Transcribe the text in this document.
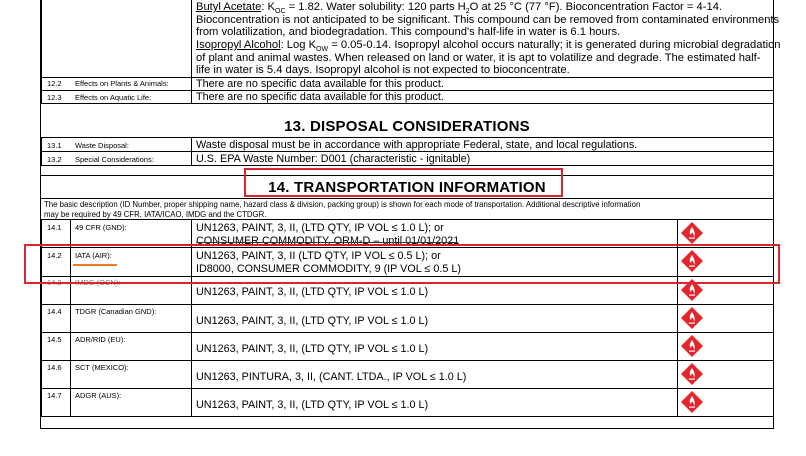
Butyl Acetate: $K_{OC} = 1.82$. Water solubility: 120 parts $H_2O$ at 25 °C (77 °F). Bioconcentration Factor = 4-14.
Bioconcentration is not anticipated to be significant. This compound can be removed from contaminated environments
from volatilization, and biodegradation. This compound's half-life in water is 6.1 hours.
Isopropyl Alcohol: Log $K_{OW} = 0.05-0.14$. Isopropyl alcohol occurs naturally; it is generated during microbial degradation
of plant and animal wastes. When released on land or water, it is apt to volatilize and degrade. The estimated half-
life in water is 5.4 days. Isopropyl alcohol is not expected to bioconcentrate.
12.2 Effects on Plants & Animals:	There are no specific data available for this product.
12.3 Effects on Aquatic Life:	There are no specific data available for this product.
13. DISPOSAL CONSIDERATIONS
13.1 Waste Disposal:	Waste disposal must be in accordance with appropriate Federal, state, and local regulations.
13.2 Special Considerations:	U.S. EPA Waste Number: D001 (characteristic - ignitable)
14. TRANSPORTATION INFORMATION
The basic description (ID Number, proper shipping name, hazard class & division, packing group) is shown for each mode of transportation. Additional descriptive information
may be required by 49 CFR, IATA/ICAO, IMDG and the CTDGR.
14.1 49 CFR (GND):	UN1263, PAINT, 3, II, (LTD QTY, IP VOL ≤ 1.0 L); or
CONSUMER COMMODITY, ORM-D – until 01/01/2021
14.2 IATA (AIR):	UN1263, PAINT, 3, II (LTD QTY, IP VOL ≤ 0.5 L); or
ID8000, CONSUMER COMMODITY, 9 (IP VOL ≤ 0.5 L)
14.3 IMDG (OCN):
UN1263, PAINT, 3, II, (LTD QTY, IP VOL ≤ 1.0 L)
14.4 TDGR (Canadian GND):
UN1263, PAINT, 3, II, (LTD QTY, IP VOL ≤ 1.0 L)
14.5 ADR/RID (EU):
UN1263, PAINT, 3, II, (LTD QTY, IP VOL ≤ 1.0 L)
14.6 SCT (MEXICO):
UN1263, PINTURA, 3, II, (CANT. LTDA., IP VOL ≤ 1.0 L)
14.7 ADGR (AUS):
UN1263, PAINT, 3, II, (LTD QTY, IP VOL ≤ 1.0 L)
